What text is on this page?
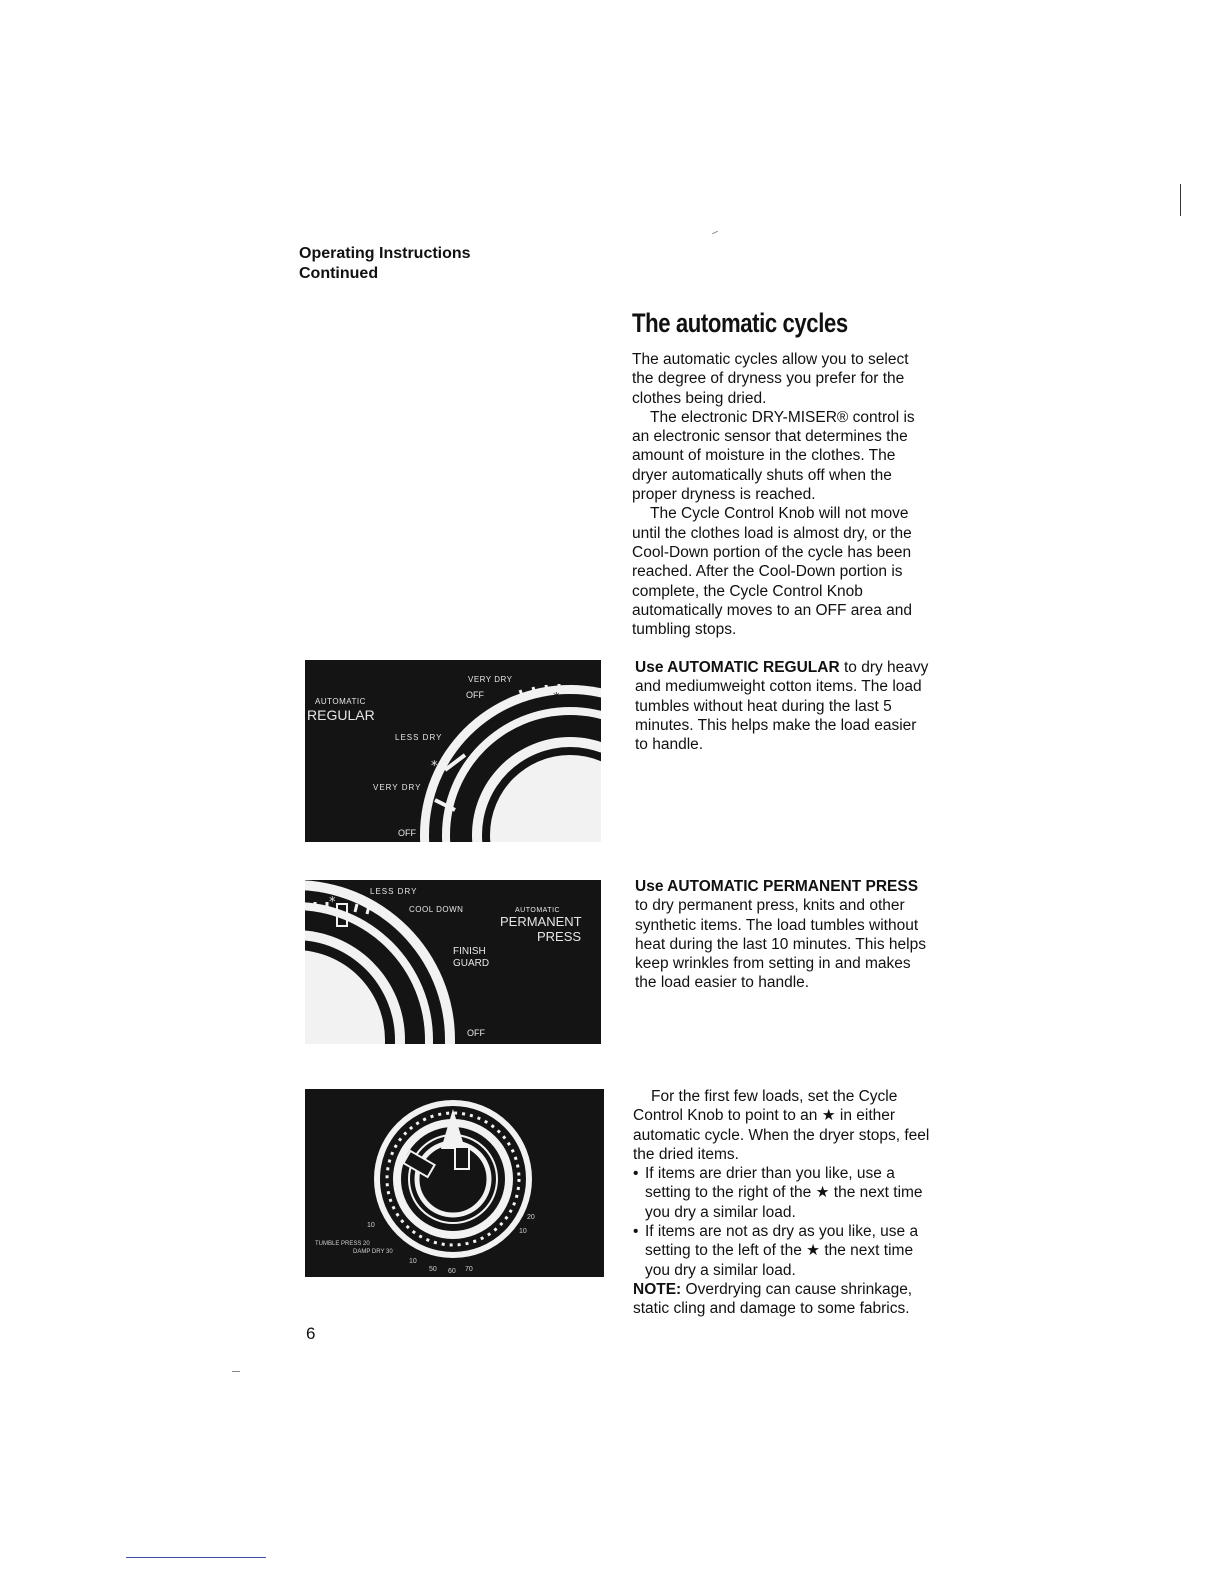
Operating Instructions
Continued
The automatic cycles

The automatic cycles allow you to select the degree of dryness you prefer for the clothes being dried.

The electronic DRY-MISER® control is an electronic sensor that determines the amount of moisture in the clothes. The dryer automatically shuts off when the proper dryness is reached.

The Cycle Control Knob will not move until the clothes load is almost dry, or the Cool-Down portion of the cycle has been reached. After the Cool-Down portion is complete, the Cycle Control Knob automatically moves to an OFF area and tumbling stops.

Use AUTOMATIC REGULAR to dry heavy and mediumweight cotton items. The load tumbles without heat during the last 5 minutes. This helps make the load easier to handle.

Use AUTOMATIC PERMANENT PRESS to dry permanent press, knits and other synthetic items. The load tumbles without heat during the last 10 minutes. This helps keep wrinkles from setting in and makes the load easier to handle.

For the first few loads, set the Cycle Control Knob to point to an ★ in either automatic cycle. When the dryer stops, feel the dried items.

• If items are drier than you like, use a setting to the right of the ★ the next time you dry a similar load.
• If items are not as dry as you like, use a setting to the left of the ★ the next time you dry a similar load.

NOTE: Overdrying can cause shrinkage, static cling and damage to some fabrics.

VERY DRY
OFF	*
AUTOMATIC
REGULAR
LESS DRY
*
VERY DRY
OFF
LESS DRY
*	COOL DOWN	AUTOMATIC
PERMANENT
PRESS
FINISH
GUARD
OFF
TUMBLE PRESS 20
DAMP DRY 30
10
10
20
10
50 60 70
6
